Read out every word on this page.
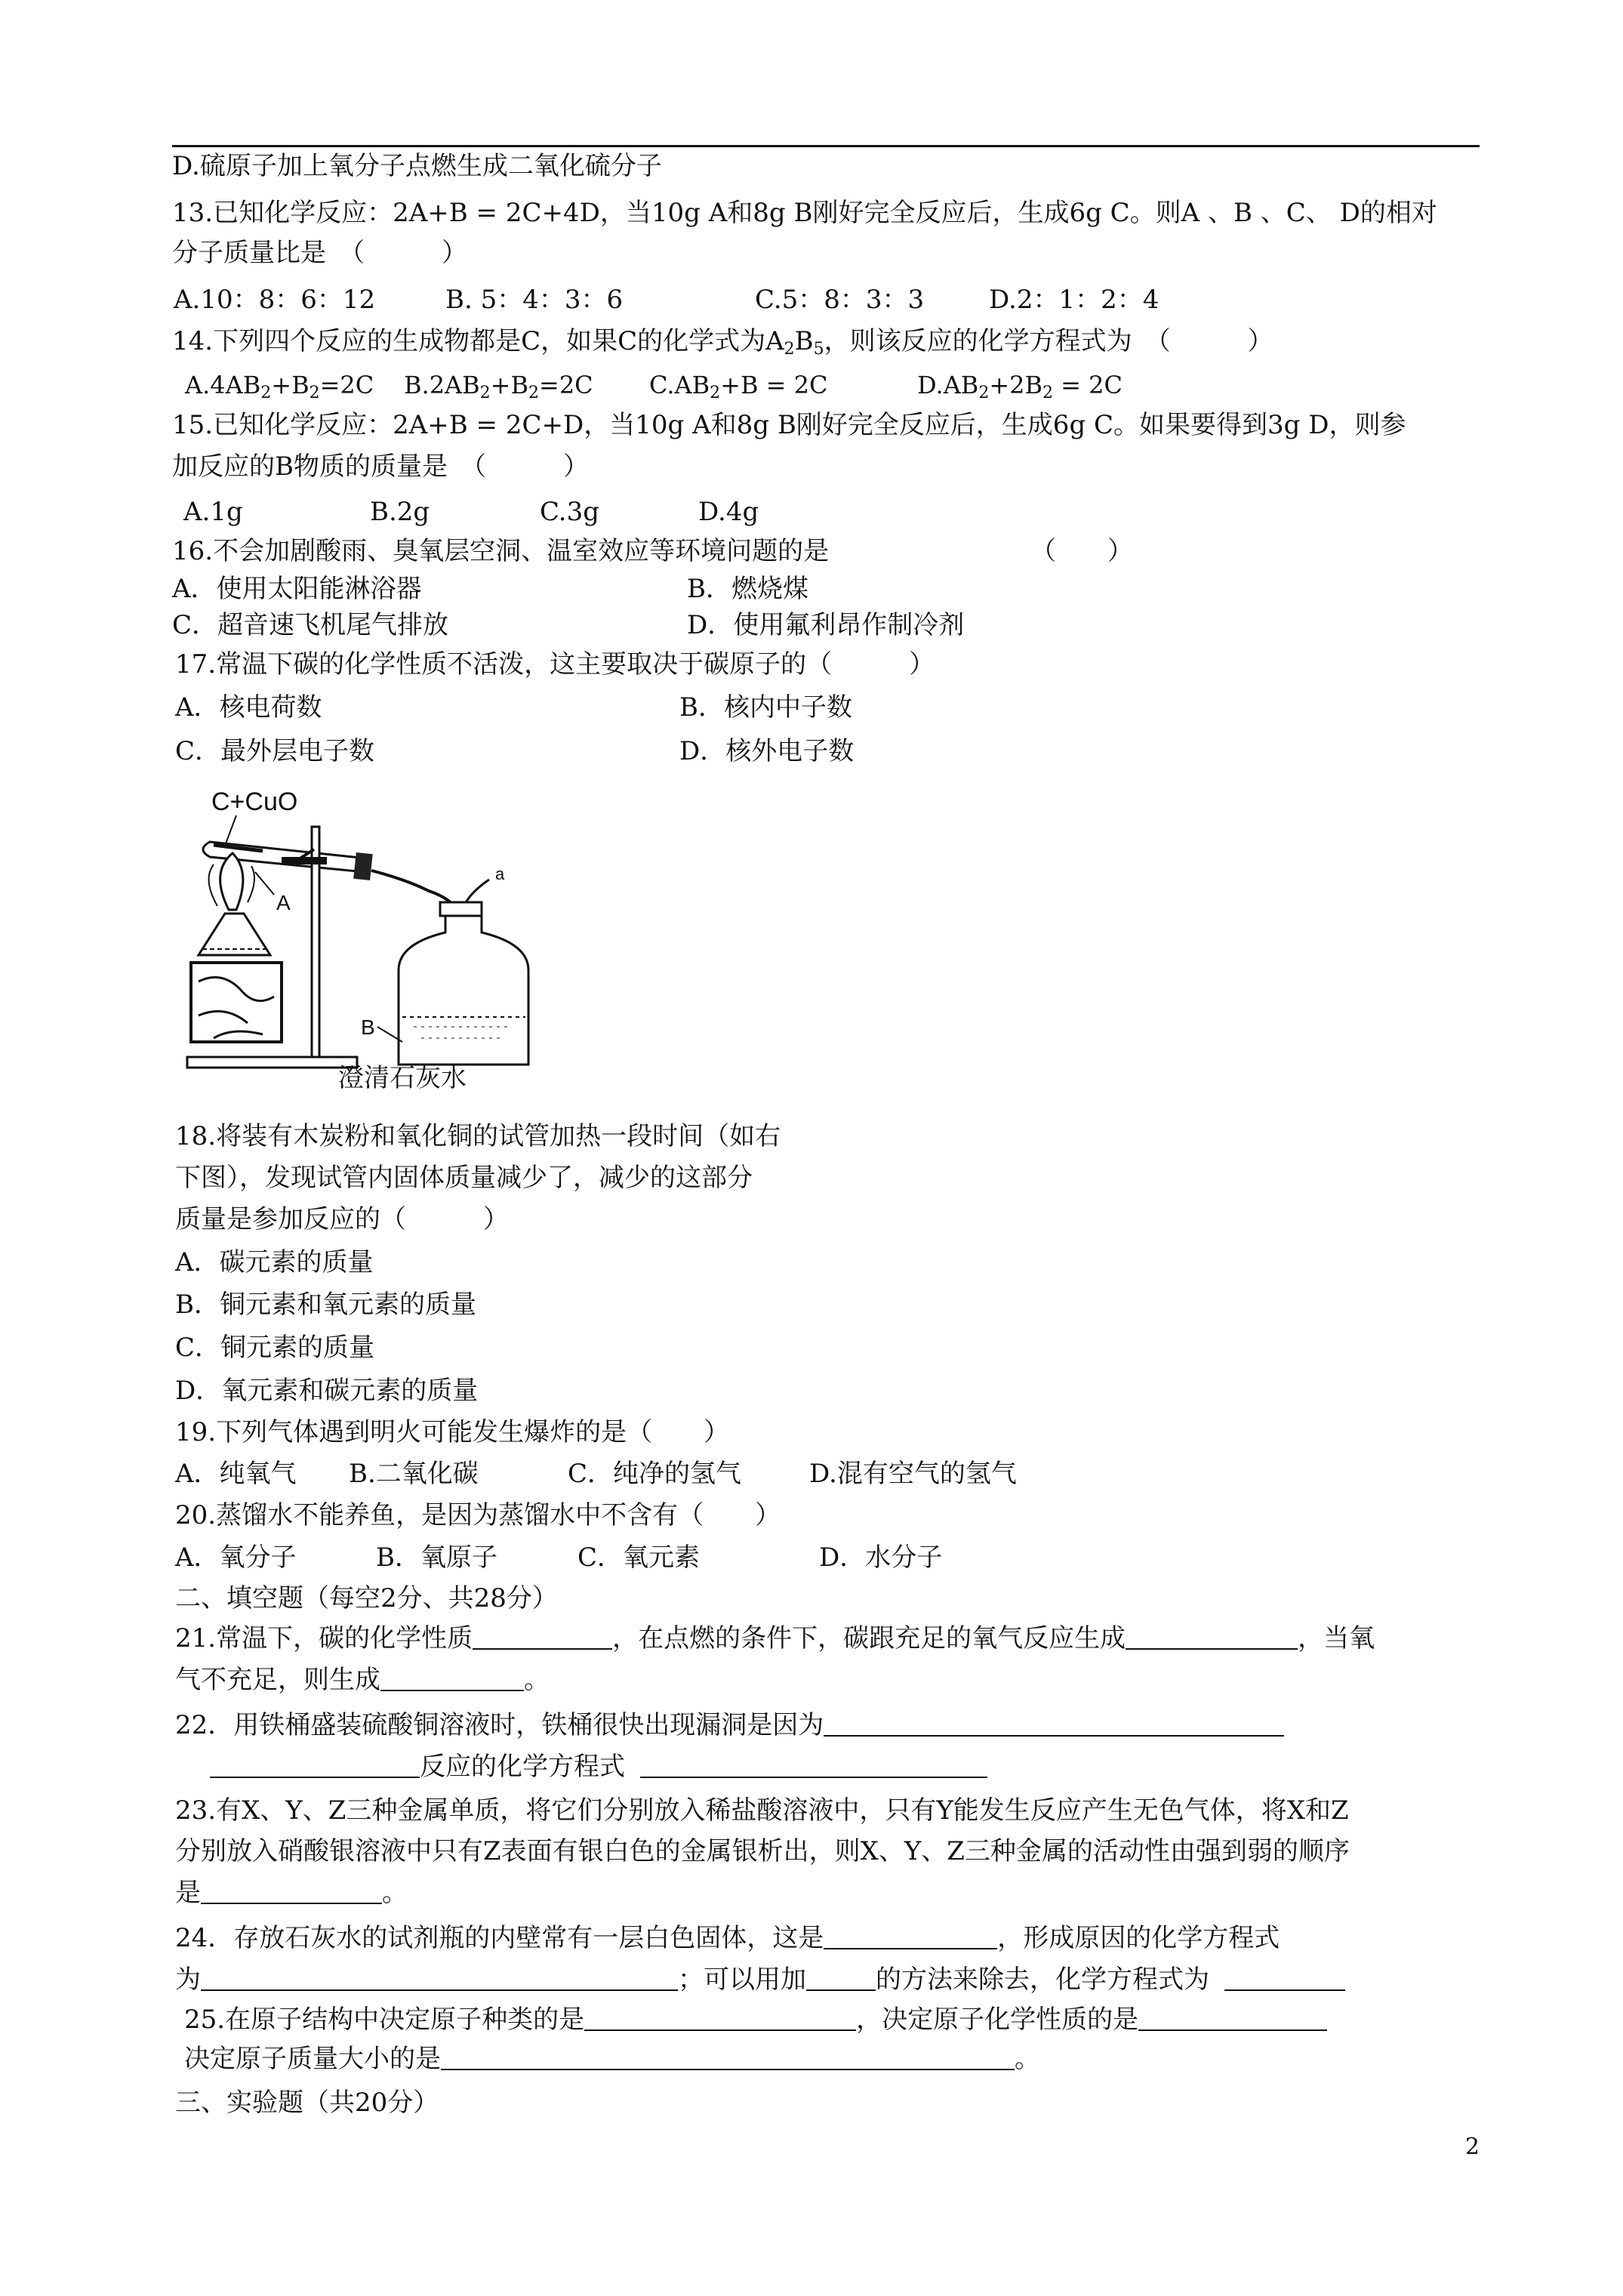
D.硫原子加上氧分子点燃生成二氧化硫分子
13.已知化学反应：2A+B = 2C+4D，当10g A和8g B刚好完全反应后，生成6g C。则A 、B 、C、 D的相对
分子质量比是　（　　　）
A.10：8：6：12	B. 5：4：3：6	C.5：8：3：3	D.2：1：2：4
14.下列四个反应的生成物都是C，如果C的化学式为$A_2B_5$，则该反应的化学方程式为　（　　　）
$A.4AB_2+B_2=2C$ $B.2AB_2+B_2=2C$ $C.AB_2+B = 2C$	$D.AB_2+2B_2 = 2C$
15.已知化学反应：2A+B = 2C+D，当10g A和8g B刚好完全反应后，生成6g C。如果要得到3g D，则参
加反应的B物质的质量是　（　　　）
A.1g	B.2g	C.3g	D.4g
16.不会加剧酸雨、臭氧层空洞、温室效应等环境问题的是	（　　）
A．使用太阳能淋浴器	B．燃烧煤
C．超音速飞机尾气排放	D．使用氟利昂作制冷剂
17.常温下碳的化学性质不活泼，这主要取决于碳原子的（　　　）
A．核电荷数	B．核内中子数
C．最外层电子数	D．核外电子数
C+CuO
a
A
B
澄清石灰水
18.将装有木炭粉和氧化铜的试管加热一段时间（如右
下图），发现试管内固体质量减少了，减少的这部分
质量是参加反应的（　　　）
A．碳元素的质量
B．铜元素和氧元素的质量
C．铜元素的质量
D．氧元素和碳元素的质量
19.下列气体遇到明火可能发生爆炸的是（　　）
A．纯氧气 B.二氧化碳	C．纯净的氢气	D.混有空气的氢气
20.蒸馏水不能养鱼，是因为蒸馏水中不含有（　　）
A．氧分子	B．氧原子	C．氧元素	D．水分子
二、填空题（每空2分、共28分）
21.常温下，碳的化学性质	，在点燃的条件下，碳跟充足的氧气反应生成	，当氧
气不充足，则生成	。
22．用铁桶盛装硫酸铜溶液时，铁桶很快出现漏洞是因为
反应的化学方程式
23.有X、Y、Z三种金属单质，将它们分别放入稀盐酸溶液中，只有Y能发生反应产生无色气体，将X和Z
分别放入硝酸银溶液中只有Z表面有银白色的金属银析出，则X、Y、Z三种金属的活动性由强到弱的顺序
是	。
24．存放石灰水的试剂瓶的内壁常有一层白色固体，这是	，形成原因的化学方程式
为	；可以用加	的方法来除去，化学方程式为
25.在原子结构中决定原子种类的是	，决定原子化学性质的是
决定原子质量大小的是	。
三、实验题（共20分）
2
